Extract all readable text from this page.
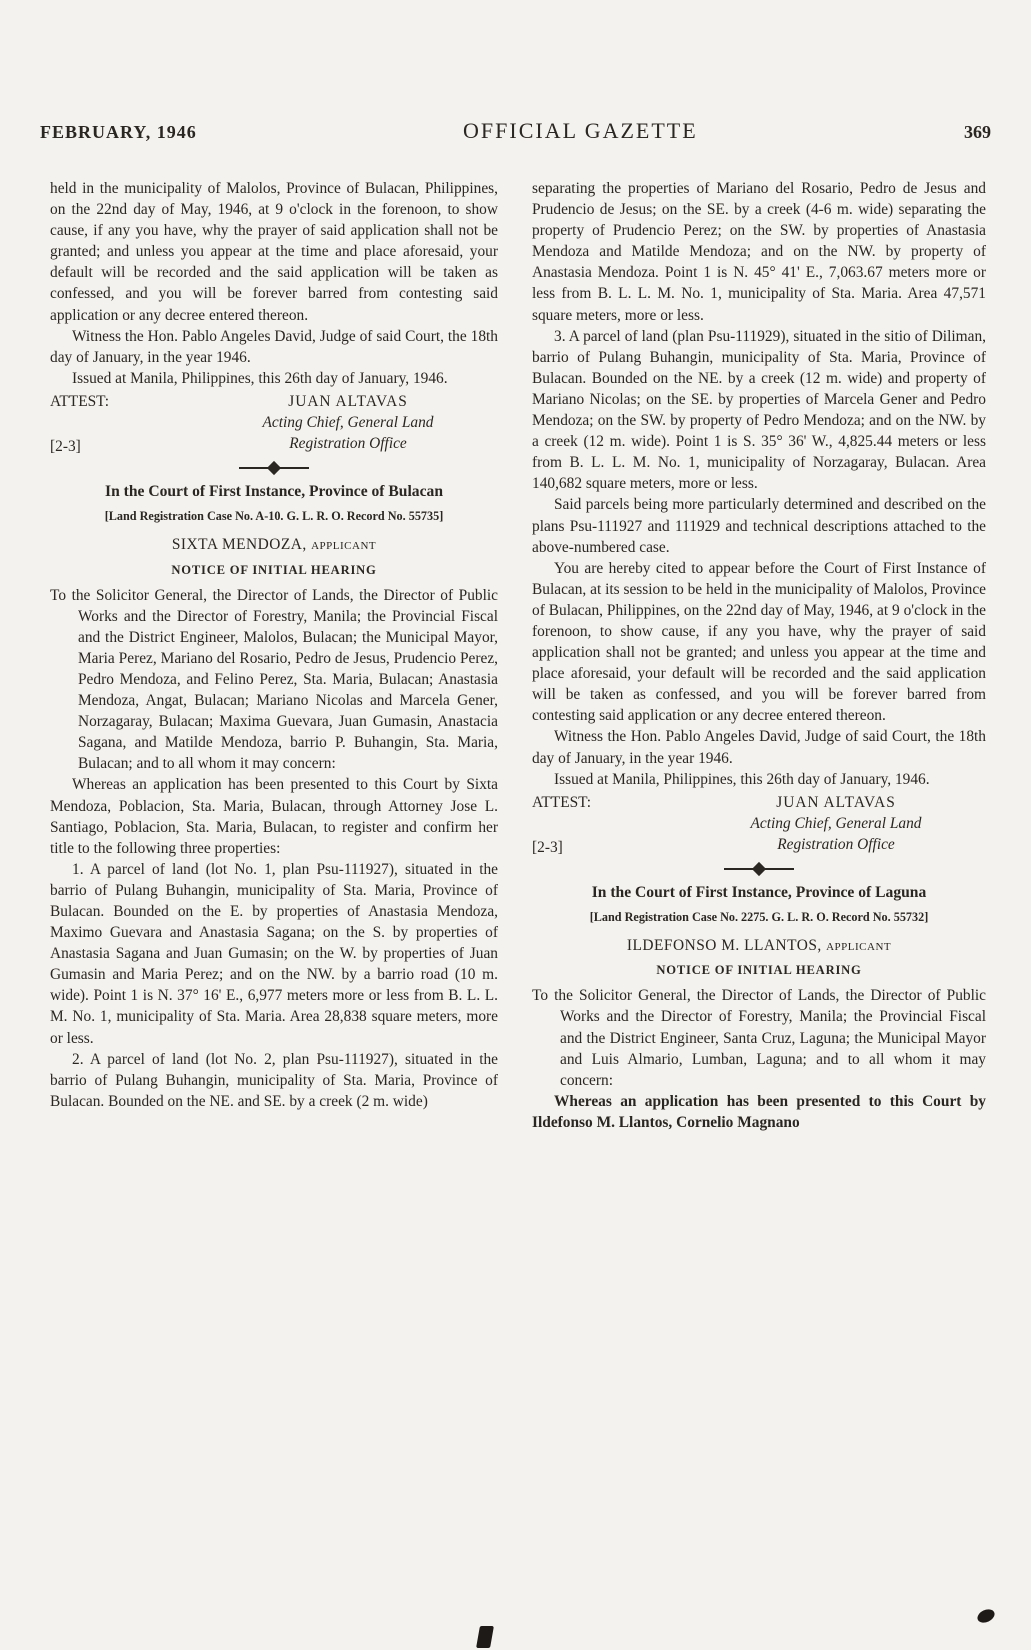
FEBRUARY, 1946	OFFICIAL GAZETTE	369

held in the municipality of Malolos, Province of Bulacan, Philippines, on the 22nd day of May, 1946, at 9 o'clock in the forenoon, to show cause, if any you have, why the prayer of said application shall not be granted; and unless you appear at the time and place aforesaid, your default will be recorded and the said application will be taken as confessed, and you will be forever barred from contesting said application or any decree entered thereon.

Witness the Hon. Pablo Angeles David, Judge of said Court, the 18th day of January, in the year 1946.

Issued at Manila, Philippines, this 26th day of January, 1946.

ATTEST:	JUAN ALTAVAS
Acting Chief, General Land
Registration Office
[2-3]
In the Court of First Instance, Province of Bulacan
[Land Registration Case No. A-10. G. L. R. O. Record No. 55735]
SIXTA MENDOZA, applicant
NOTICE OF INITIAL HEARING

To the Solicitor General, the Director of Lands, the Director of Public Works and the Director of Forestry, Manila; the Provincial Fiscal and the District Engineer, Malolos, Bulacan; the Municipal Mayor, Maria Perez, Mariano del Rosario, Pedro de Jesus, Prudencio Perez, Pedro Mendoza, and Felino Perez, Sta. Maria, Bulacan; Anastasia Mendoza, Angat, Bulacan; Mariano Nicolas and Marcela Gener, Norzagaray, Bulacan; Maxima Guevara, Juan Gumasin, Anastacia Sagana, and Matilde Mendoza, barrio P. Buhangin, Sta. Maria, Bulacan; and to all whom it may concern:

Whereas an application has been presented to this Court by Sixta Mendoza, Poblacion, Sta. Maria, Bulacan, through Attorney Jose L. Santiago, Poblacion, Sta. Maria, Bulacan, to register and confirm her title to the following three properties:

1. A parcel of land (lot No. 1, plan Psu-111927), situated in the barrio of Pulang Buhangin, municipality of Sta. Maria, Province of Bulacan. Bounded on the E. by properties of Anastasia Mendoza, Maximo Guevara and Anastasia Sagana; on the S. by properties of Anastasia Sagana and Juan Gumasin; on the W. by properties of Juan Gumasin and Maria Perez; and on the NW. by a barrio road (10 m. wide). Point 1 is N. 37° 16' E., 6,977 meters more or less from B. L. L. M. No. 1, municipality of Sta. Maria. Area 28,838 square meters, more or less.

2. A parcel of land (lot No. 2, plan Psu-111927), situated in the barrio of Pulang Buhangin, municipality of Sta. Maria, Province of Bulacan. Bounded on the NE. and SE. by a creek (2 m. wide)

separating the properties of Mariano del Rosario, Pedro de Jesus and Prudencio de Jesus; on the SE. by a creek (4-6 m. wide) separating the property of Prudencio Perez; on the SW. by properties of Anastasia Mendoza and Matilde Mendoza; and on the NW. by property of Anastasia Mendoza. Point 1 is N. 45° 41' E., 7,063.67 meters more or less from B. L. L. M. No. 1, municipality of Sta. Maria. Area 47,571 square meters, more or less.

3. A parcel of land (plan Psu-111929), situated in the sitio of Diliman, barrio of Pulang Buhangin, municipality of Sta. Maria, Province of Bulacan. Bounded on the NE. by a creek (12 m. wide) and property of Mariano Nicolas; on the SE. by properties of Marcela Gener and Pedro Mendoza; on the SW. by property of Pedro Mendoza; and on the NW. by a creek (12 m. wide). Point 1 is S. 35° 36' W., 4,825.44 meters or less from B. L. L. M. No. 1, municipality of Norzagaray, Bulacan. Area 140,682 square meters, more or less.

Said parcels being more particularly determined and described on the plans Psu-111927 and 111929 and technical descriptions attached to the above-numbered case.

You are hereby cited to appear before the Court of First Instance of Bulacan, at its session to be held in the municipality of Malolos, Province of Bulacan, Philippines, on the 22nd day of May, 1946, at 9 o'clock in the forenoon, to show cause, if any you have, why the prayer of said application shall not be granted; and unless you appear at the time and place aforesaid, your default will be recorded and the said application will be taken as confessed, and you will be forever barred from contesting said application or any decree entered thereon.

Witness the Hon. Pablo Angeles David, Judge of said Court, the 18th day of January, in the year 1946.

Issued at Manila, Philippines, this 26th day of January, 1946.

ATTEST:	JUAN ALTAVAS
Acting Chief, General Land
Registration Office
[2-3]
In the Court of First Instance, Province of Laguna
[Land Registration Case No. 2275. G. L. R. O. Record No. 55732]
ILDEFONSO M. LLANTOS, applicant
NOTICE OF INITIAL HEARING

To the Solicitor General, the Director of Lands, the Director of Public Works and the Director of Forestry, Manila; the Provincial Fiscal and the District Engineer, Santa Cruz, Laguna; the Municipal Mayor and Luis Almario, Lumban, Laguna; and to all whom it may concern:

Whereas an application has been presented to this Court by Ildefonso M. Llantos, Cornelio Magnano
